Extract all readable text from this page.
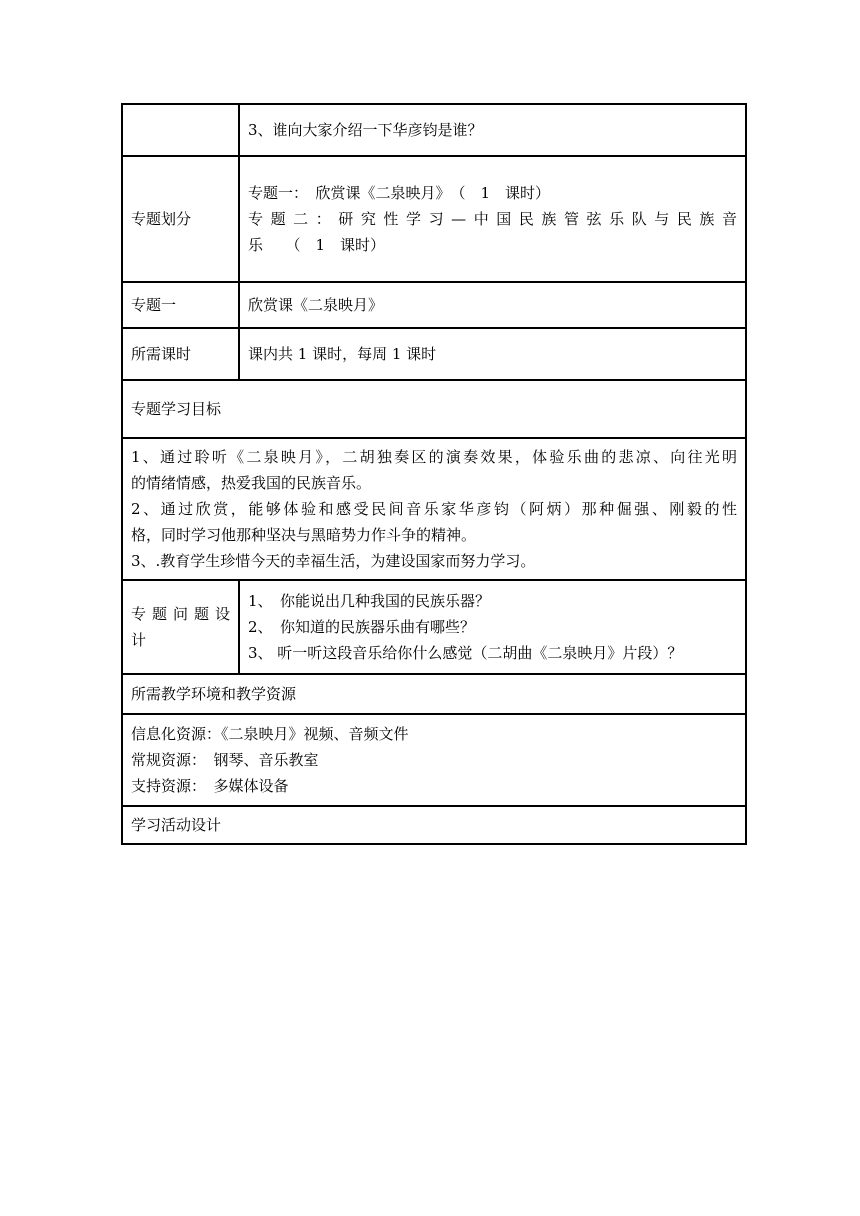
	3、谁向大家介绍一下华彦钧是谁？
专题划分	专题一：　欣赏课《二泉映月》　（　1　课时）
专题二：研究性学习—中国民族管弦乐队与民族音
乐　　（　1　课时）

专题一	欣赏课《二泉映月》
所需课时	课内共 1 课时，每周 1 课时
专题学习目标	

1、通过聆听《二泉映月》，二胡独奏区的演奏效果，体验乐曲的悲凉、向往光明
的情绪情感，热爱我国的民族音乐。
2、通过欣赏，能够体验和感受民间音乐家华彦钧（阿炳）那种倔强、刚毅的性
格，同时学习他那种坚决与黑暗势力作斗争的精神。
3、.教育学生珍惜今天的幸福生活，为建设国家而努力学习。	

专题问题设
计	1、　你能说出几种我国的民族乐器？
2、　你知道的民族器乐曲有哪些？
3、 听一听这段音乐给你什么感觉（二胡曲《二泉映月》片段）？

所需教学环境和教学资源	

信息化资源：《二泉映月》视频、音频文件
常规资源：　钢琴、音乐教室
支持资源：　多媒体设备	

学习活动设计	
